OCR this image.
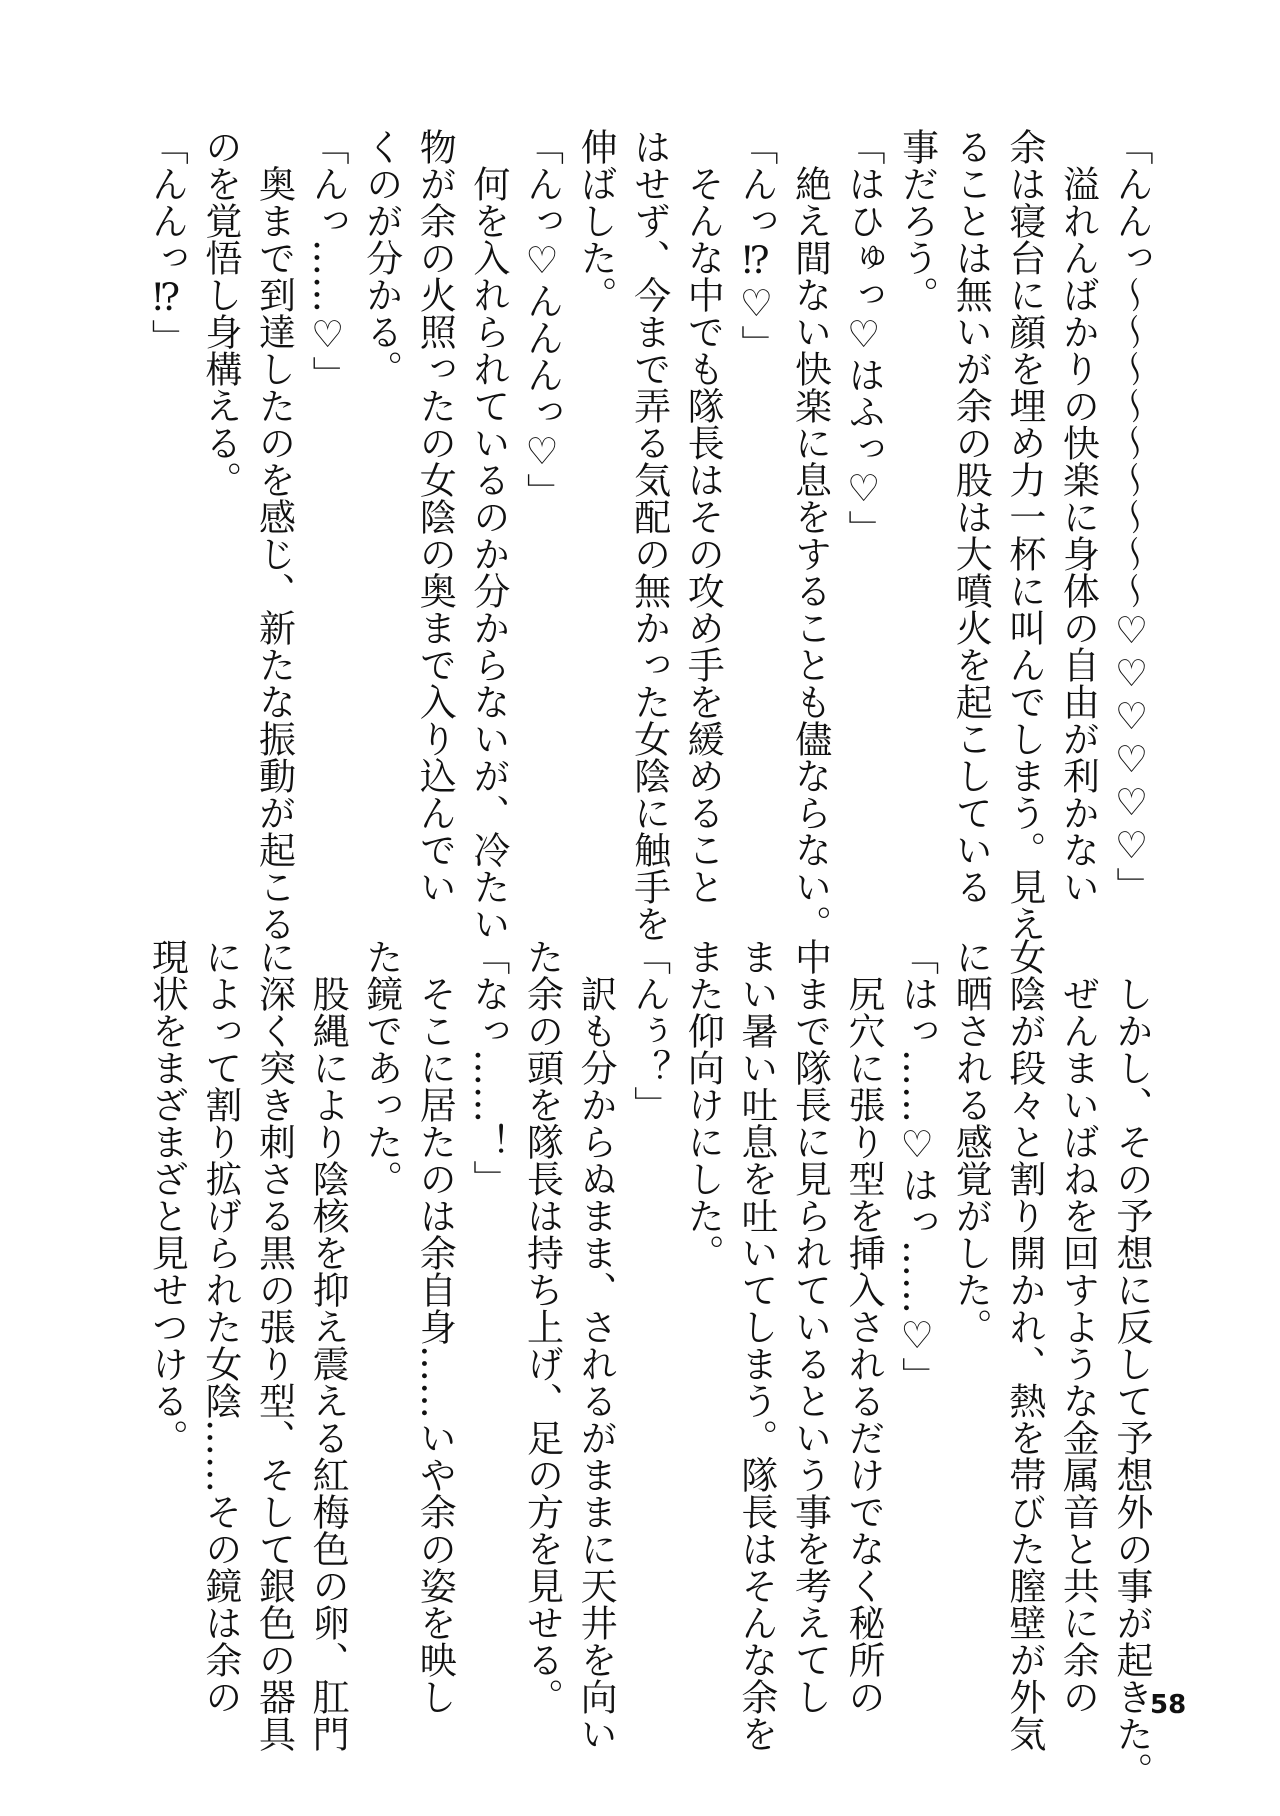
「んんっ〜〜〜〜〜〜〜〜〜♡♡♡♡♡♡」
　溢れんばかりの快楽に身体の自由が利かない
余は寝台に顔を埋め力一杯に叫んでしまう。見え
ることは無いが余の股は大噴火を起こしている
事だろう。
「はひゅっ♡はふっ♡」
　絶え間ない快楽に息をすることも儘ならない。
「んっ⁉♡」
　そんな中でも隊長はその攻め手を緩めること
はせず、今まで弄る気配の無かった女陰に触手を
伸ばした。
「んっ♡んんんっ♡」
　何を入れられているのか分からないが、冷たい
物が余の火照ったの女陰の奥まで入り込んでい
くのが分かる。
「んっ……♡」
　奥まで到達したのを感じ、新たな振動が起こる
のを覚悟し身構える。
「んんっ⁉」
　しかし、その予想に反して予想外の事が起きた。
　ぜんまいばねを回すような金属音と共に余の
女陰が段々と割り開かれ、熱を帯びた膣壁が外気
に晒される感覚がした。
「はっ……♡はっ……♡」
　尻穴に張り型を挿入されるだけでなく秘所の
中まで隊長に見られているという事を考えてし
まい暑い吐息を吐いてしまう。隊長はそんな余を
また仰向けにした。
「んぅ？」
　訳も分からぬまま、されるがままに天井を向い
た余の頭を隊長は持ち上げ、足の方を見せる。
「なっ……！」
　そこに居たのは余自身……いや余の姿を映し
た鏡であった。
　股縄により陰核を抑え震える紅梅色の卵、肛門
に深く突き刺さる黒の張り型、そして銀色の器具
によって割り拡げられた女陰……その鏡は余の
現状をまざまざと見せつける。
58
